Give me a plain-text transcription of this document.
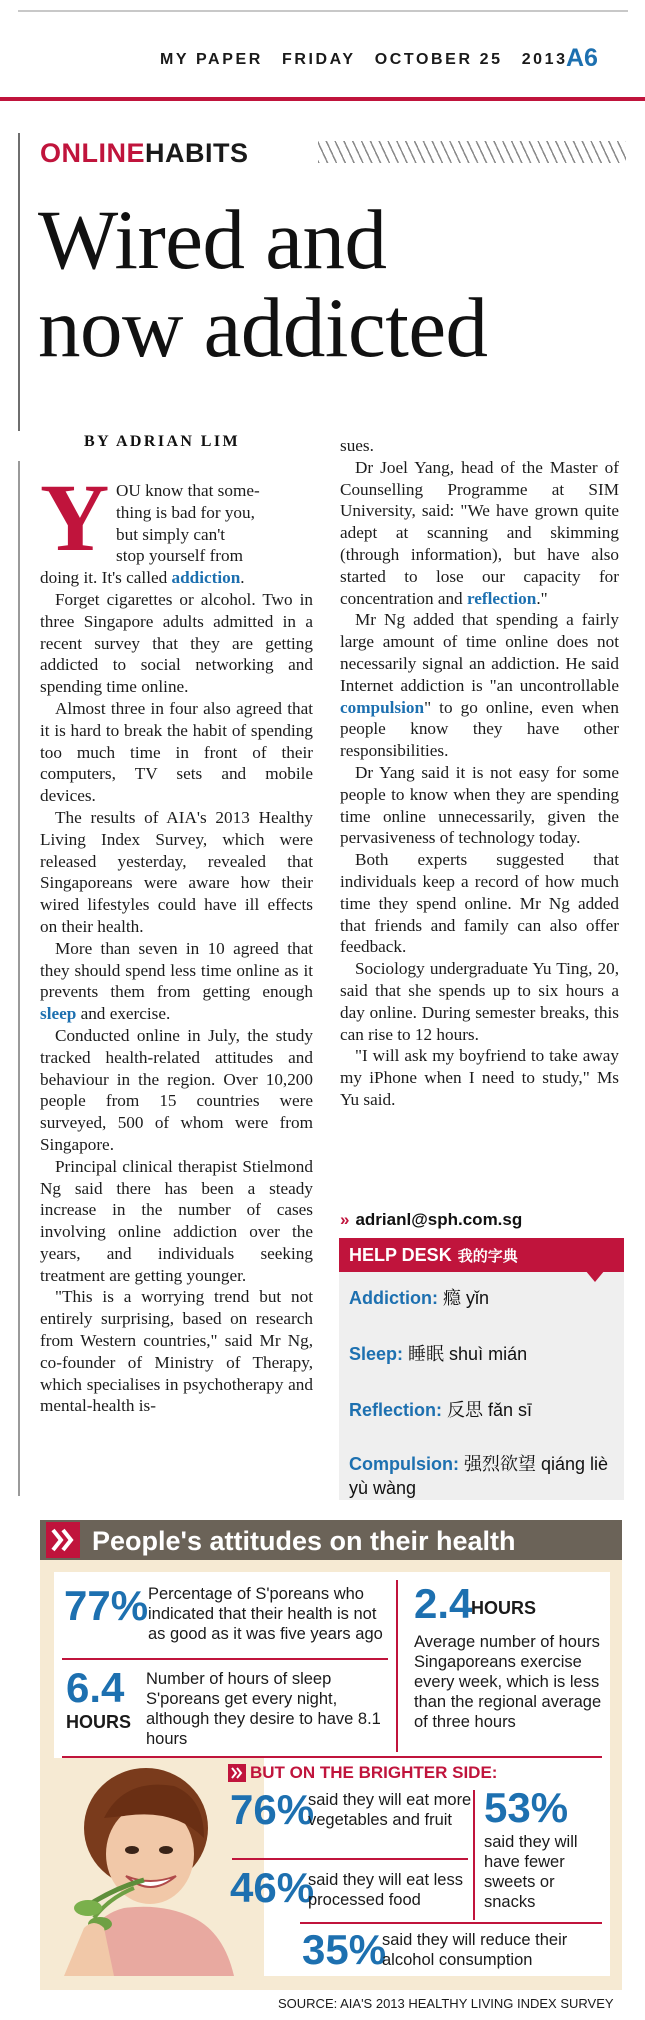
MY PAPER FRIDAY OCTOBER 25 2013
A6
ONLINEHABITS
Wired and
now addicted
BY ADRIAN LIM
Y OU know that some-
thing is bad for you,
but simply can't
stop yourself from

doing it. It's called addiction.

Forget cigarettes or alcohol. Two in three Singapore adults admitted in a recent survey that they are getting addicted to social networking and spending time online.

Almost three in four also agreed that it is hard to break the habit of spending too much time in front of their computers, TV sets and mobile devices.

The results of AIA's 2013 Healthy Living Index Survey, which were released yesterday, revealed that Singaporeans were aware how their wired lifestyles could have ill effects on their health.

More than seven in 10 agreed that they should spend less time online as it prevents them from getting enough sleep and exercise.

Conducted online in July, the study tracked health-related attitudes and behaviour in the region. Over 10,200 people from 15 countries were surveyed, 500 of whom were from Singapore.

Principal clinical therapist Stielmond Ng said there has been a steady increase in the number of cases involving online addiction over the years, and individuals seeking treatment are getting younger.

"This is a worrying trend but not entirely surprising, based on research from Western countries," said Mr Ng, co-founder of Ministry of Therapy, which specialises in psychotherapy and mental-health is-

sues.

Dr Joel Yang, head of the Master of Counselling Programme at SIM University, said: "We have grown quite adept at scanning and skimming (through information), but have also started to lose our capacity for concentration and reflection."

Mr Ng added that spending a fairly large amount of time online does not necessarily signal an addiction. He said Internet addiction is "an uncontrollable compulsion" to go online, even when people know they have other responsibilities.

Dr Yang said it is not easy for some people to know when they are spending time online unnecessarily, given the pervasiveness of technology today.

Both experts suggested that individuals keep a record of how much time they spend online. Mr Ng added that friends and family can also offer feedback.

Sociology undergraduate Yu Ting, 20, said that she spends up to six hours a day online. During semester breaks, this can rise to 12 hours.

"I will ask my boyfriend to take away my iPhone when I need to study," Ms Yu said.

» adrianl@sph.com.sg
HELP DESK 我的字典
Addiction: 瘾 yǐn
Sleep: 睡眠 shuì mián
Reflection: 反思 fǎn sī
Compulsion: 强烈欲望 qiáng liè yù wàng
People's attitudes on their health
77% Percentage of S'poreans who indicated that their health is not as good as it was five years ago
6.4
HOURS
Number of hours of sleep S'poreans get every night, although they desire to have 8.1 hours
2.4
HOURS
Average number of hours Singaporeans exercise every week, which is less than the regional average of three hours
BUT ON THE BRIGHTER SIDE:
76%
said they will eat more vegetables and fruit
46%
said they will eat less processed food
53%
said they will have fewer sweets or snacks
35%
said they will reduce their alcohol consumption
SOURCE: AIA'S 2013 HEALTHY LIVING INDEX SURVEY
